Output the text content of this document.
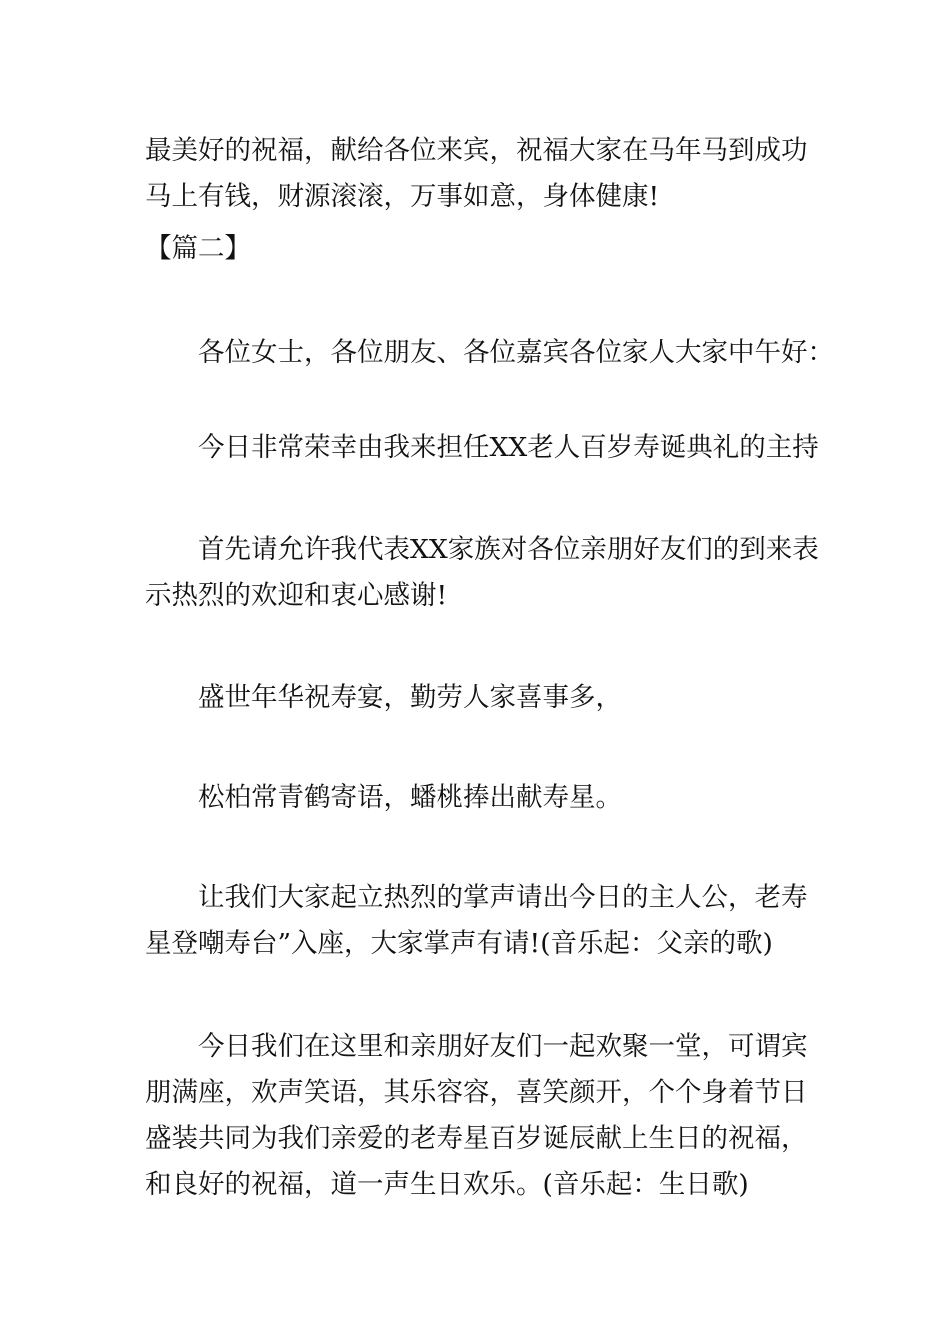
最美好的祝福，献给各位来宾，祝福大家在马年马到成功
马上有钱，财源滚滚，万事如意，身体健康!
【篇二】
各位女士，各位朋友、各位嘉宾各位家人大家中午好：
今日非常荣幸由我来担任XX老人百岁寿诞典礼的主持
首先请允许我代表XX家族对各位亲朋好友们的到来表
示热烈的欢迎和衷心感谢!
盛世年华祝寿宴，勤劳人家喜事多，
松柏常青鹤寄语，蟠桃捧出献寿星。
让我们大家起立热烈的掌声请出今日的主人公，老寿
星登嘲寿台”入座，大家掌声有请!(音乐起：父亲的歌)
今日我们在这里和亲朋好友们一起欢聚一堂，可谓宾
朋满座，欢声笑语，其乐容容，喜笑颜开，个个身着节日
盛装共同为我们亲爱的老寿星百岁诞辰献上生日的祝福，
和良好的祝福，道一声生日欢乐。(音乐起：生日歌)
